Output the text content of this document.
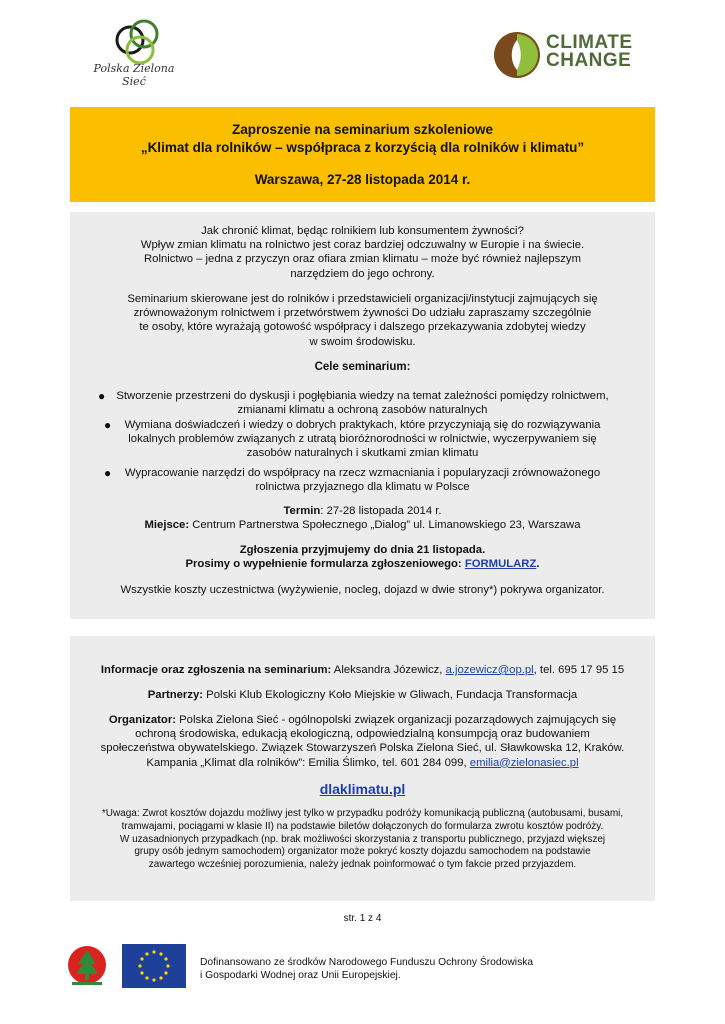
Polska Zielona Sieć
CLIMATE
CHANGE
Zaproszenie na seminarium szkoleniowe
„Klimat dla rolników – współpraca z korzyścią dla rolników i klimatu”
Warszawa, 27-28 listopada 2014 r.
Jak chronić klimat, będąc rolnikiem lub konsumentem żywności?
Wpływ zmian klimatu na rolnictwo jest coraz bardziej odczuwalny w Europie i na świecie.
Rolnictwo – jedna z przyczyn oraz ofiara zmian klimatu – może być również najlepszym
narzędziem do jego ochrony.
Seminarium skierowane jest do rolników i przedstawicieli organizacji/instytucji zajmujących się
zrównoważonym rolnictwem i przetwórstwem żywności Do udziału zapraszamy szczególnie
te osoby, które wyrażają gotowość współpracy i dalszego przekazywania zdobytej wiedzy
w swoim środowisku.
Cele seminarium:
● Stworzenie przestrzeni do dyskusji i pogłębiania wiedzy na temat zależności pomiędzy rolnictwem,
zmianami klimatu a ochroną zasobów naturalnych
●	Wymiana doświadczeń i wiedzy o dobrych praktykach, które przyczyniają się do rozwiązywania
lokalnych problemów związanych z utratą bioróżnorodności w rolnictwie, wyczerpywaniem się
zasobów naturalnych i skutkami zmian klimatu
●	Wypracowanie narzędzi do współpracy na rzecz wzmacniania i popularyzacji zrównoważonego
rolnictwa przyjaznego dla klimatu w Polsce
Termin: 27-28 listopada 2014 r.
Miejsce: Centrum Partnerstwa Społecznego „Dialog” ul. Limanowskiego 23, Warszawa
Zgłoszenia przyjmujemy do dnia 21 listopada.
Prosimy o wypełnienie formularza zgłoszeniowego: FORMULARZ.
Wszystkie koszty uczestnictwa (wyżywienie, nocleg, dojazd w dwie strony*) pokrywa organizator.
Informacje oraz zgłoszenia na seminarium: Aleksandra Józewicz, a.jozewicz@op.pl, tel. 695 17 95 15
Partnerzy: Polski Klub Ekologiczny Koło Miejskie w Gliwach, Fundacja Transformacja
Organizator: Polska Zielona Sieć - ogólnopolski związek organizacji pozarządowych zajmujących się
ochroną środowiska, edukacją ekologiczną, odpowiedzialną konsumpcją oraz budowaniem
społeczeństwa obywatelskiego. Związek Stowarzyszeń Polska Zielona Sieć, ul. Sławkowska 12, Kraków.
Kampania „Klimat dla rolników”: Emilia Ślimko, tel. 601 284 099, emilia@zielonasiec.pl
dlaklimatu.pl
*Uwaga: Zwrot kosztów dojazdu możliwy jest tylko w przypadku podróży komunikacją publiczną (autobusami, busami,
tramwajami, pociągami w klasie II) na podstawie biletów dołączonych do formularza zwrotu kosztów podróży.
W uzasadnionych przypadkach (np. brak możliwości skorzystania z transportu publicznego, przyjazd większej
grupy osób jednym samochodem) organizator może pokryć koszty dojazdu samochodem na podstawie
zawartego wcześniej porozumienia, należy jednak poinformować o tym fakcie przed przyjazdem.
str. 1 z 4
Dofinansowano ze środków Narodowego Funduszu Ochrony Środowiska
i Gospodarki Wodnej oraz Unii Europejskiej.
